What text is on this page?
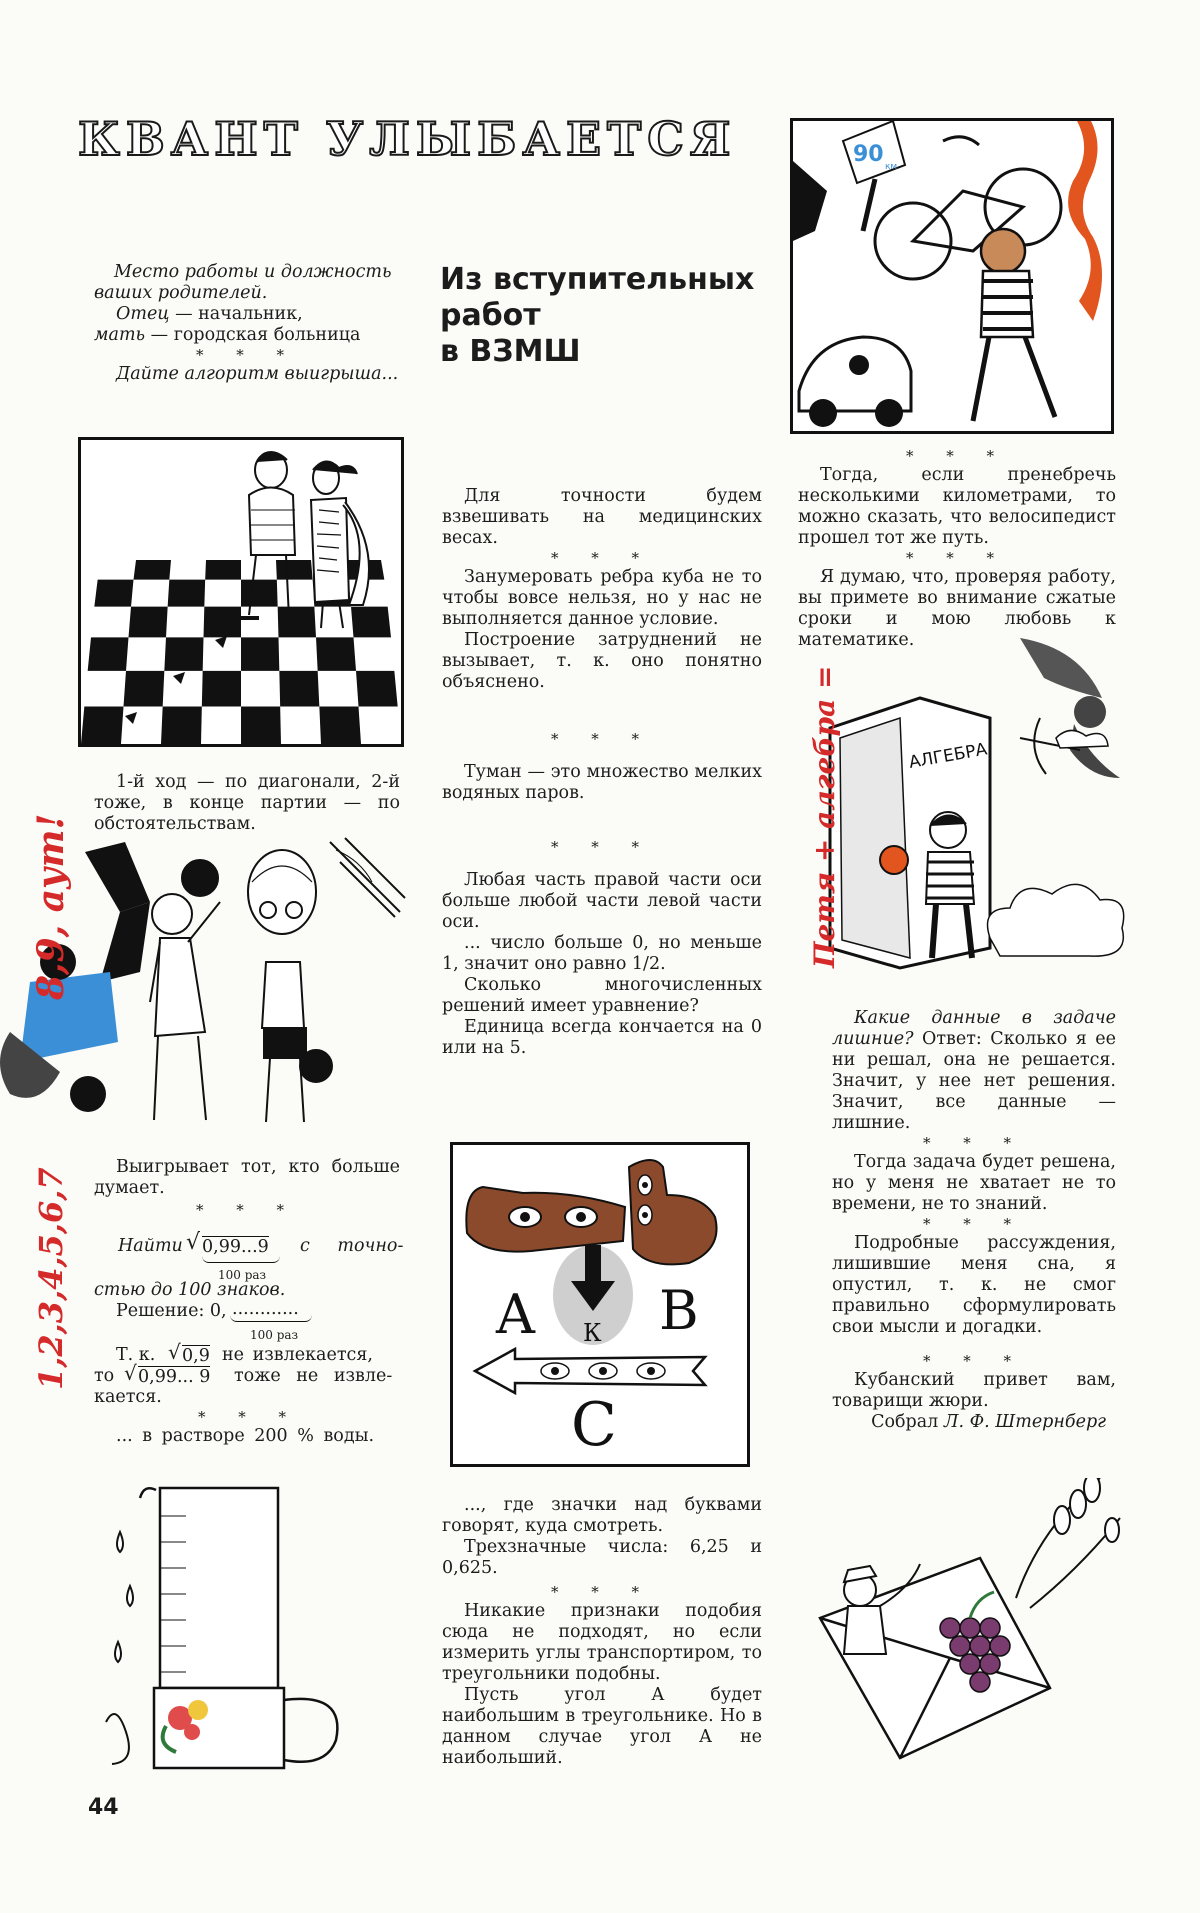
КВАНТ УЛЫБАЕТСЯ

Место работы и должность

ваших родителей.

Отец — начальник,

мать — городская больница

* * *

Дайте алгоритм выигрыша...

1-й ход — по диагонали, 2-й тоже, в конце партии — по обстоятельствам.

8,9, аут!
1,2,3,4,5,6,7

Выигрывает тот, кто больше думает.

* * *

Найти √ 0,99...9 с точно-
100 раз

стью до 100 знаков.

Решение: 0, ............
100 раз
Т. к. √ 0,9 не извлекается,
то √ 0,99... 9 тоже не извле-

кается.

* * *

... в растворе 200 % воды.

44
Из вступительных
работ
в ВЗМШ

Для точности будем взвешивать на медицинских весах.

* * *

Занумеровать ребра куба не то чтобы вовсе нельзя, но у нас не выполняется данное условие.

Построение затруднений не вызывает, т. к. оно понятно объяснено.

* * *

Туман — это множество мелких водяных паров.

* * *

Любая часть правой части оси больше любой части левой части оси.

... число больше 0, но меньше 1, значит оно равно 1/2.

Сколько многочисленных решений имеет уравнение?

Единица всегда кончается на 0 или на 5.

А В
К
С

..., где значки над буквами говорят, куда смотреть.

Трехзначные числа: 6,25 и 0,625.

* * *

Никакие признаки подобия сюда не подходят, но если измерить углы транспортиром, то треугольники подобны.

Пусть угол А будет наибольшим в треугольнике. Но в данном случае угол А не наибольший.

90 км

* * *

Тогда, если пренебречь несколькими километрами, то можно сказать, что велосипедист прошел тот же путь.

* * *

Я думаю, что, проверяя работу, вы примете во внимание сжатые сроки и мою любовь к математике.

АЛГЕБРА
Петя + алгебра =

Какие данные в задаче лишние? Ответ: Сколько я ее ни решал, она не решается. Значит, у нее нет решения. Значит, все данные — лишние.

* * *

Тогда задача будет решена, но у меня не хватает не то времени, не то знаний.

* * *

Подробные рассуждения, лишившие меня сна, я опустил, т. к. не смог правильно сформулировать свои мысли и догадки.

* * *

Кубанский привет вам, товарищи жюри.

Собрал Л. Ф. Штернберг
